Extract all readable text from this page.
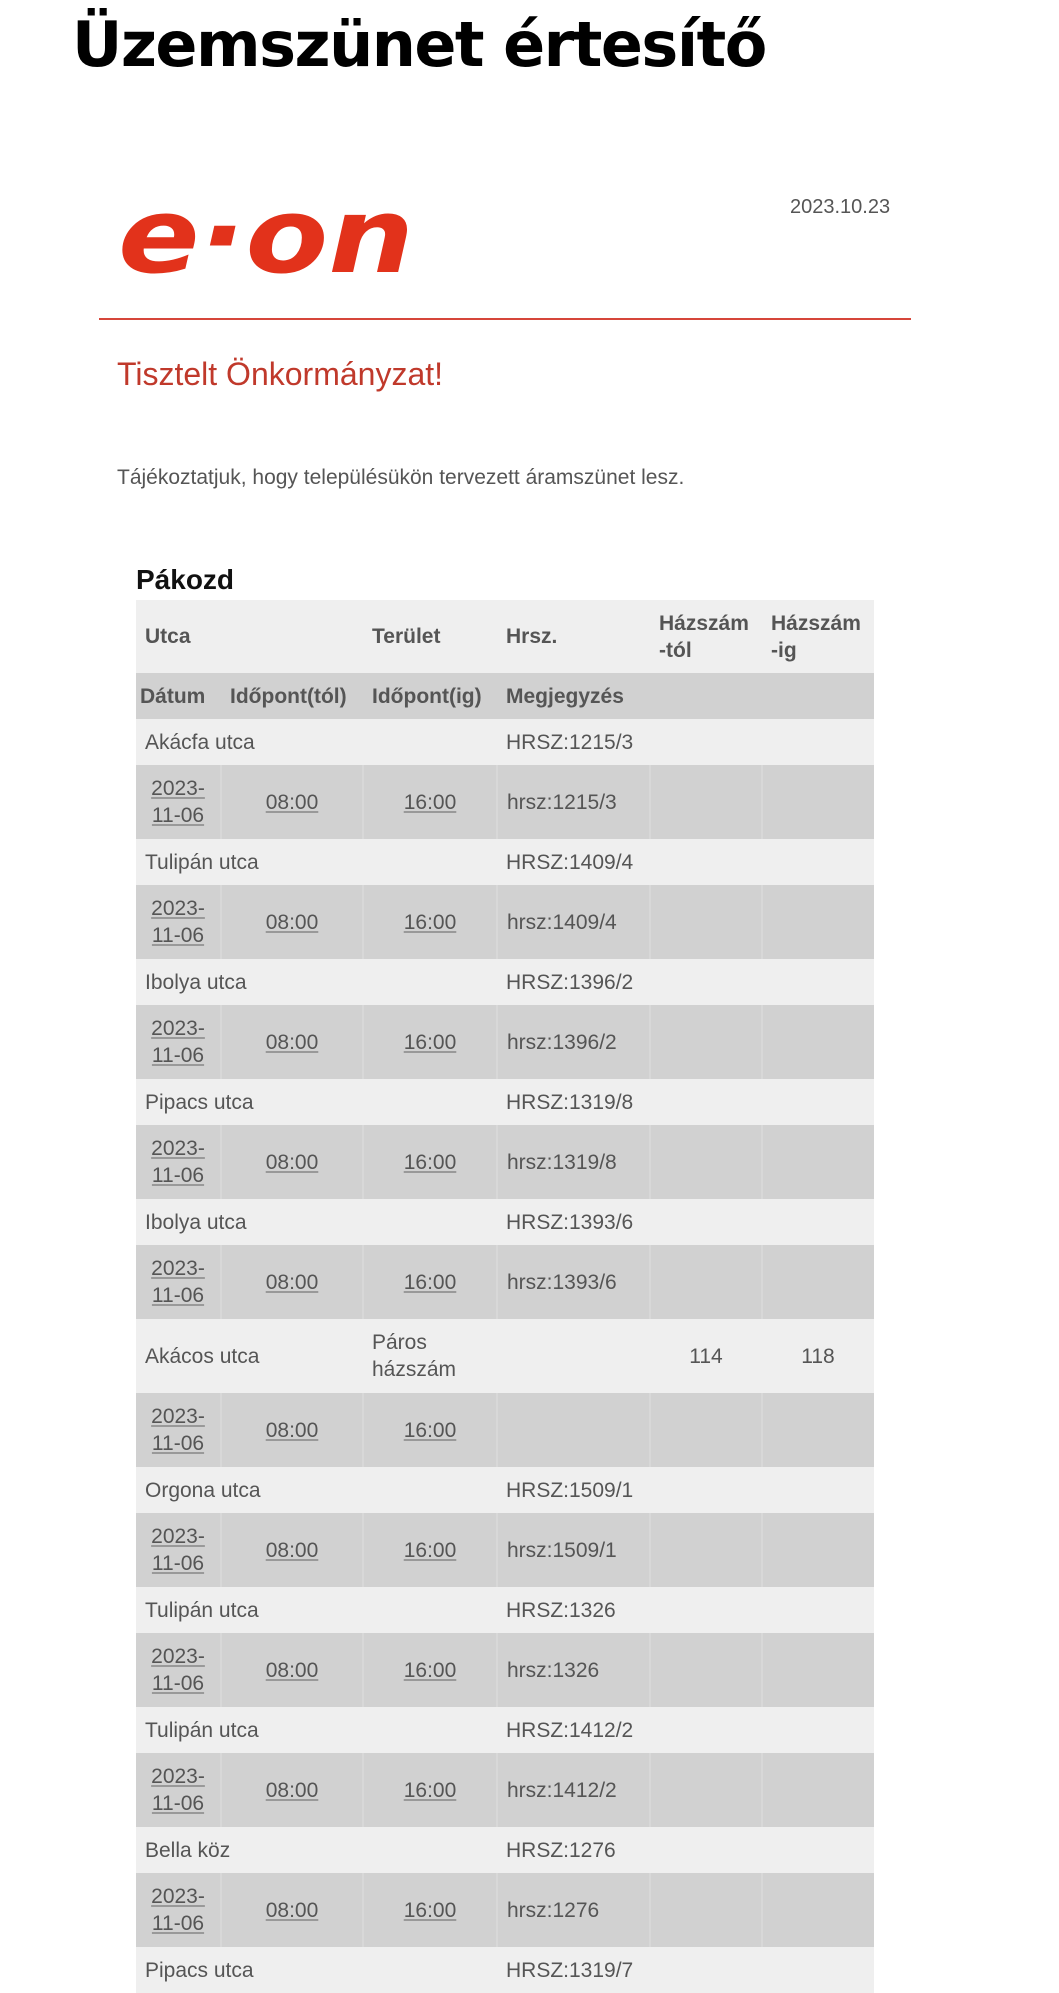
Üzemszünet értesítő
e·on	2023.10.23
Tisztelt Önkormányzat!

Tájékoztatjuk, hogy településükön tervezett áramszünet lesz.

Pákozd
Utca		Terület	Hrsz.	Házszám -tól	Házszám -ig
Dátum	Időpont(tól)	Időpont(ig)	Megjegyzés		
Akácfa utca			HRSZ:1215/3		
2023-11-06	08:00	16:00	hrsz:1215/3		
Tulipán utca			HRSZ:1409/4		
2023-11-06	08:00	16:00	hrsz:1409/4		
Ibolya utca			HRSZ:1396/2		
2023-11-06	08:00	16:00	hrsz:1396/2		
Pipacs utca			HRSZ:1319/8		
2023-11-06	08:00	16:00	hrsz:1319/8		
Ibolya utca			HRSZ:1393/6		
2023-11-06	08:00	16:00	hrsz:1393/6		
Akácos utca		Páros házszám		114	118
2023-11-06	08:00	16:00			
Orgona utca			HRSZ:1509/1		
2023-11-06	08:00	16:00	hrsz:1509/1		
Tulipán utca			HRSZ:1326		
2023-11-06	08:00	16:00	hrsz:1326		
Tulipán utca			HRSZ:1412/2		
2023-11-06	08:00	16:00	hrsz:1412/2		
Bella köz			HRSZ:1276		
2023-11-06	08:00	16:00	hrsz:1276		
Pipacs utca			HRSZ:1319/7		
